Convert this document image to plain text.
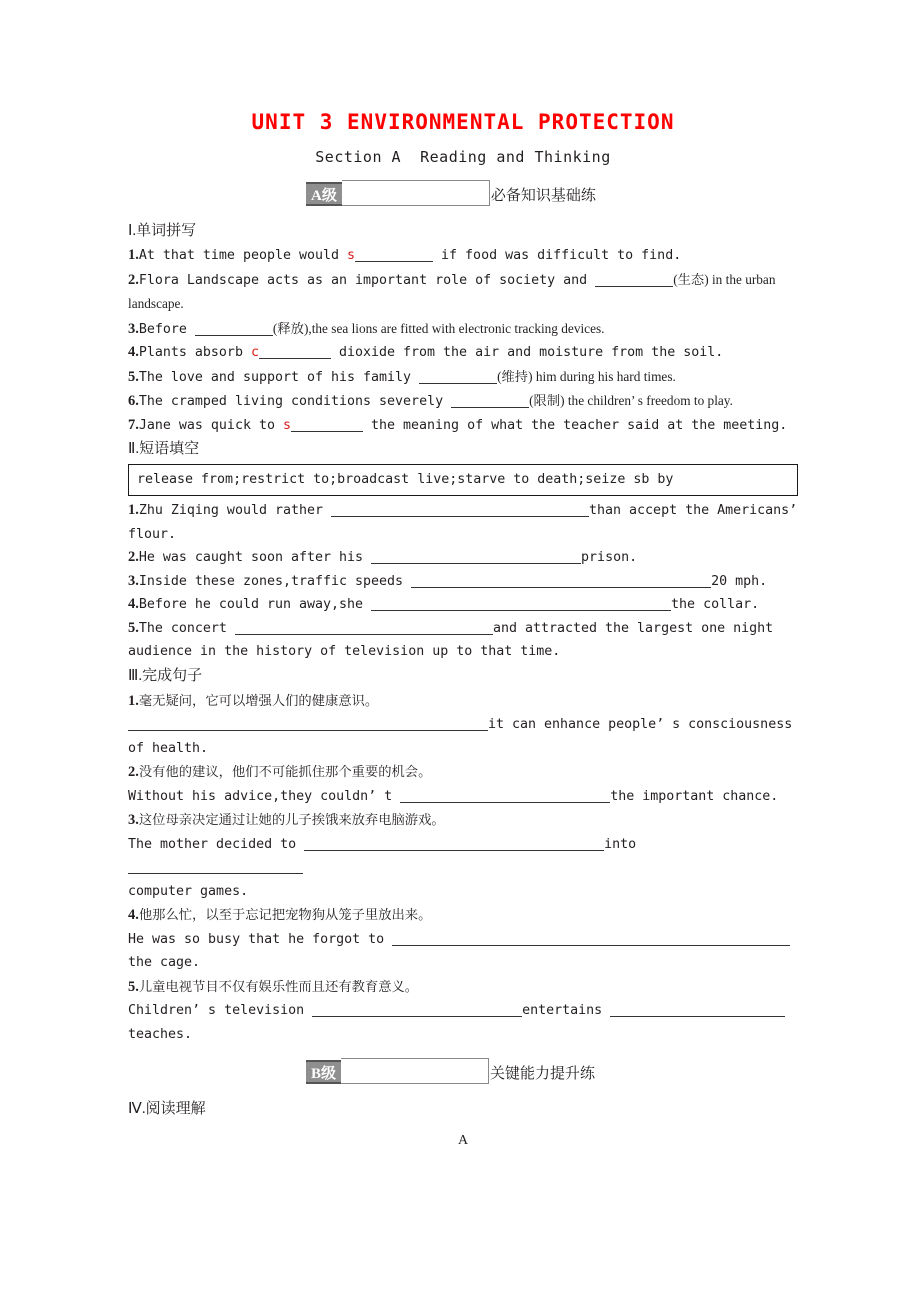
UNIT 3 ENVIRONMENTAL PROTECTION
Section A  Reading and Thinking
A级	必备知识基础练
Ⅰ.单词拼写
1.At that time people would s	if food was difficult to find.
2.Flora Landscape acts as an important role of society and	(生态) in the urban landscape.
3.Before	(释放),the sea lions are fitted with electronic tracking devices.
4.Plants absorb c	dioxide from the air and moisture from the soil.
5.The love and support of his family	(维持) him during his hard times.
6.The cramped living conditions severely	(限制) the children’ s freedom to play.
7.Jane was quick to s	the meaning of what the teacher said at the meeting.
Ⅱ.短语填空
release from;restrict to;broadcast live;starve to death;seize sb by
1.Zhu Ziqing would rather	than accept the Americans’ flour.
2.He was caught soon after his	prison.
3.Inside these zones,traffic speeds	20 mph.
4.Before he could run away,she	the collar.
5.The concert	and attracted the largest one night audience in the history of television up to that time.
Ⅲ.完成句子
1.毫无疑问，它可以增强人们的健康意识。
it can enhance people’ s consciousness of health.
2.没有他的建议，他们不可能抓住那个重要的机会。
Without his advice,they couldn’ t	the important chance.
3.这位母亲决定通过让她的儿子挨饿来放弃电脑游戏。
The mother decided to	into
computer games.
4.他那么忙，以至于忘记把宠物狗从笼子里放出来。
He was so busy that he forgot to
the cage.
5.儿童电视节目不仅有娱乐性而且还有教育意义。
Children’ s television	entertains
teaches.
B级	关键能力提升练
Ⅳ.阅读理解
A
